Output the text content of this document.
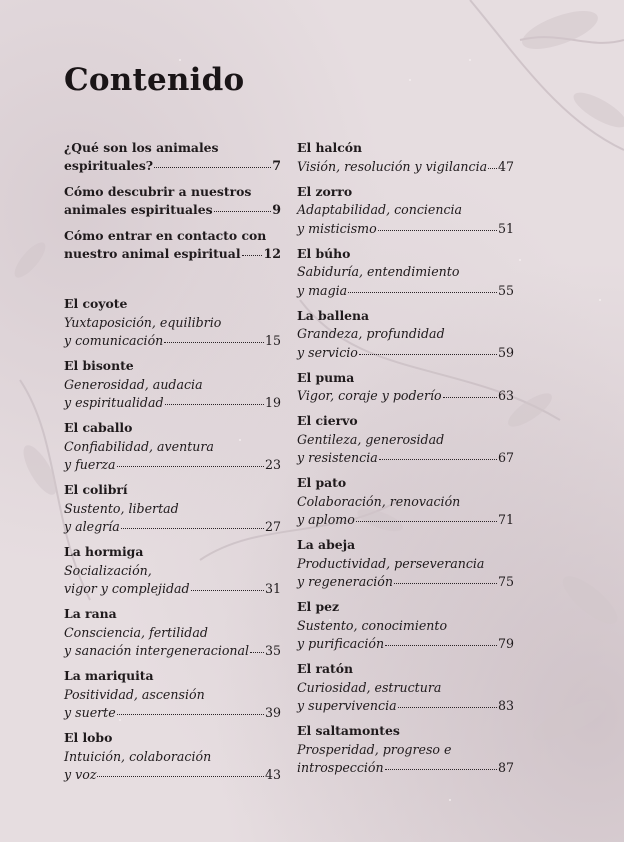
Contenido
¿Qué son los animales
espirituales?	7
Cómo descubrir a nuestros
animales espirituales	9
Cómo entrar en contacto con
nuestro animal espiritual 12
El coyote
Yuxtaposición, equilibrio
y comunicación	15
El bisonte
Generosidad, audacia
y espiritualidad	19
El caballo
Confiabilidad, aventura
y fuerza	23
El colibrí
Sustento, libertad
y alegría	27
La hormiga
Socialización,
vigor y complejidad	31
La rana
Consciencia, fertilidad
y sanación intergeneracional 35
La mariquita
Positividad, ascensión
y suerte	39
El lobo
Intuición, colaboración
y voz	43
El halcón
Visión, resolución y vigilancia 47
El zorro
Adaptabilidad, conciencia
y misticismo	51
El búho
Sabiduría, entendimiento
y magia	55
La ballena
Grandeza, profundidad
y servicio	59
El puma
Vigor, coraje y poderío	63
El ciervo
Gentileza, generosidad
y resistencia	67
El pato
Colaboración, renovación
y aplomo	71
La abeja
Productividad, perseverancia
y regeneración	75
El pez
Sustento, conocimiento
y purificación	79
El ratón
Curiosidad, estructura
y supervivencia	83
El saltamontes
Prosperidad, progreso e
introspección	87
